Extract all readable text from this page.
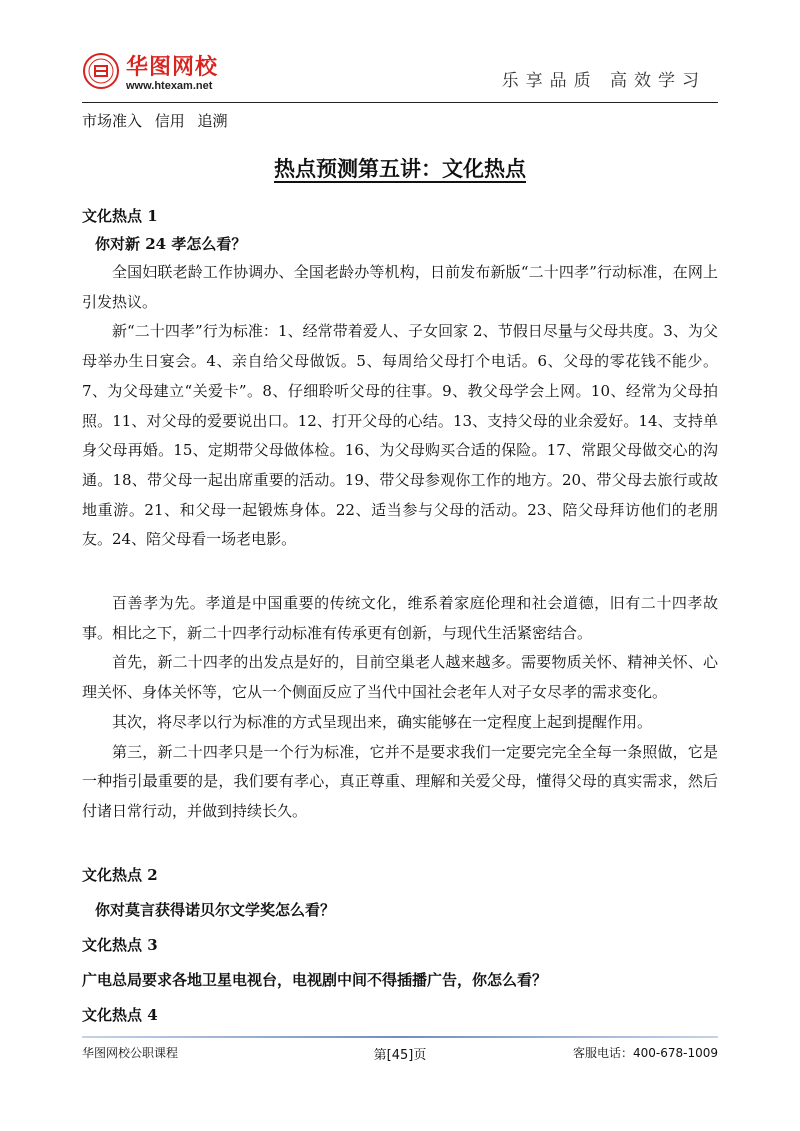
华图网校
www.htexam.net	乐享品质 高效学习
市场准入 信用 追溯
热点预测第五讲：文化热点

文化热点 1

你对新 24 孝怎么看？

全国妇联老龄工作协调办、全国老龄办等机构，日前发布新版“二十四孝”行动标准，在网上引发热议。

新“二十四孝”行为标准：1、经常带着爱人、子女回家 2、节假日尽量与父母共度。3、为父母举办生日宴会。4、亲自给父母做饭。5、每周给父母打个电话。6、父母的零花钱不能少。7、为父母建立“关爱卡”。8、仔细聆听父母的往事。9、教父母学会上网。10、经常为父母拍照。11、对父母的爱要说出口。12、打开父母的心结。13、支持父母的业余爱好。14、支持单身父母再婚。15、定期带父母做体检。16、为父母购买合适的保险。17、常跟父母做交心的沟通。18、带父母一起出席重要的活动。19、带父母参观你工作的地方。20、带父母去旅行或故地重游。21、和父母一起锻炼身体。22、适当参与父母的活动。23、陪父母拜访他们的老朋友。24、陪父母看一场老电影。

百善孝为先。孝道是中国重要的传统文化，维系着家庭伦理和社会道德，旧有二十四孝故事。相比之下，新二十四孝行动标准有传承更有创新，与现代生活紧密结合。

首先，新二十四孝的出发点是好的，目前空巢老人越来越多。需要物质关怀、精神关怀、心理关怀、身体关怀等，它从一个侧面反应了当代中国社会老年人对子女尽孝的需求变化。

其次，将尽孝以行为标准的方式呈现出来，确实能够在一定程度上起到提醒作用。

第三，新二十四孝只是一个行为标准，它并不是要求我们一定要完完全全每一条照做，它是一种指引最重要的是，我们要有孝心，真正尊重、理解和关爱父母，懂得父母的真实需求，然后付诸日常行动，并做到持续长久。

文化热点 2

你对莫言获得诺贝尔文学奖怎么看？

文化热点 3

广电总局要求各地卫星电视台，电视剧中间不得插播广告，你怎么看？

文化热点 4

华图网校公职课程	第[45]页	客服电话：400-678-1009
